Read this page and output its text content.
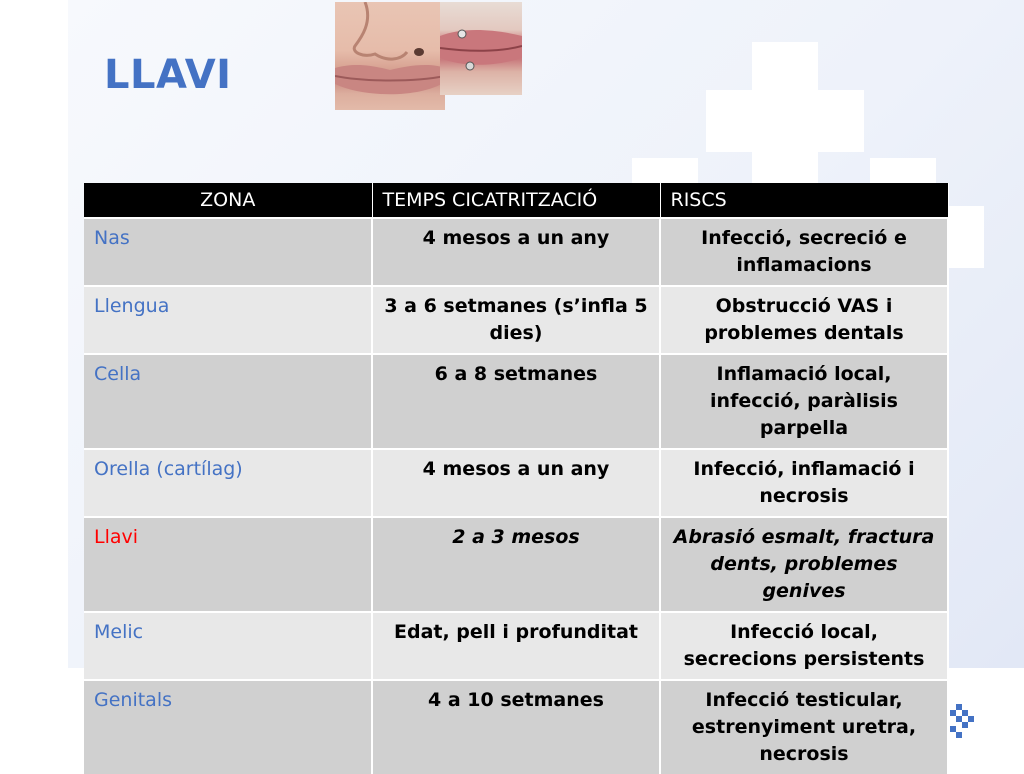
LLAVI
ZONA	TEMPS CICATRITZACIÓ	RISCS
Nas	4 mesos a un any	Infecció, secreció e inflamacions
Llengua	3 a 6 setmanes (s’infla 5 dies)	Obstrucció VAS i problemes dentals
Cella	6 a 8 setmanes	Inflamació local, infecció, paràlisis parpella
Orella (cartílag)	4 mesos a un any	Infecció, inflamació i necrosis
Llavi	2 a 3 mesos	Abrasió esmalt, fractura dents, problemes genives
Melic	Edat, pell i profunditat	Infecció local, secrecions persistents
Genitals	4 a 10 setmanes	Infecció testicular, estrenyiment uretra, necrosis
